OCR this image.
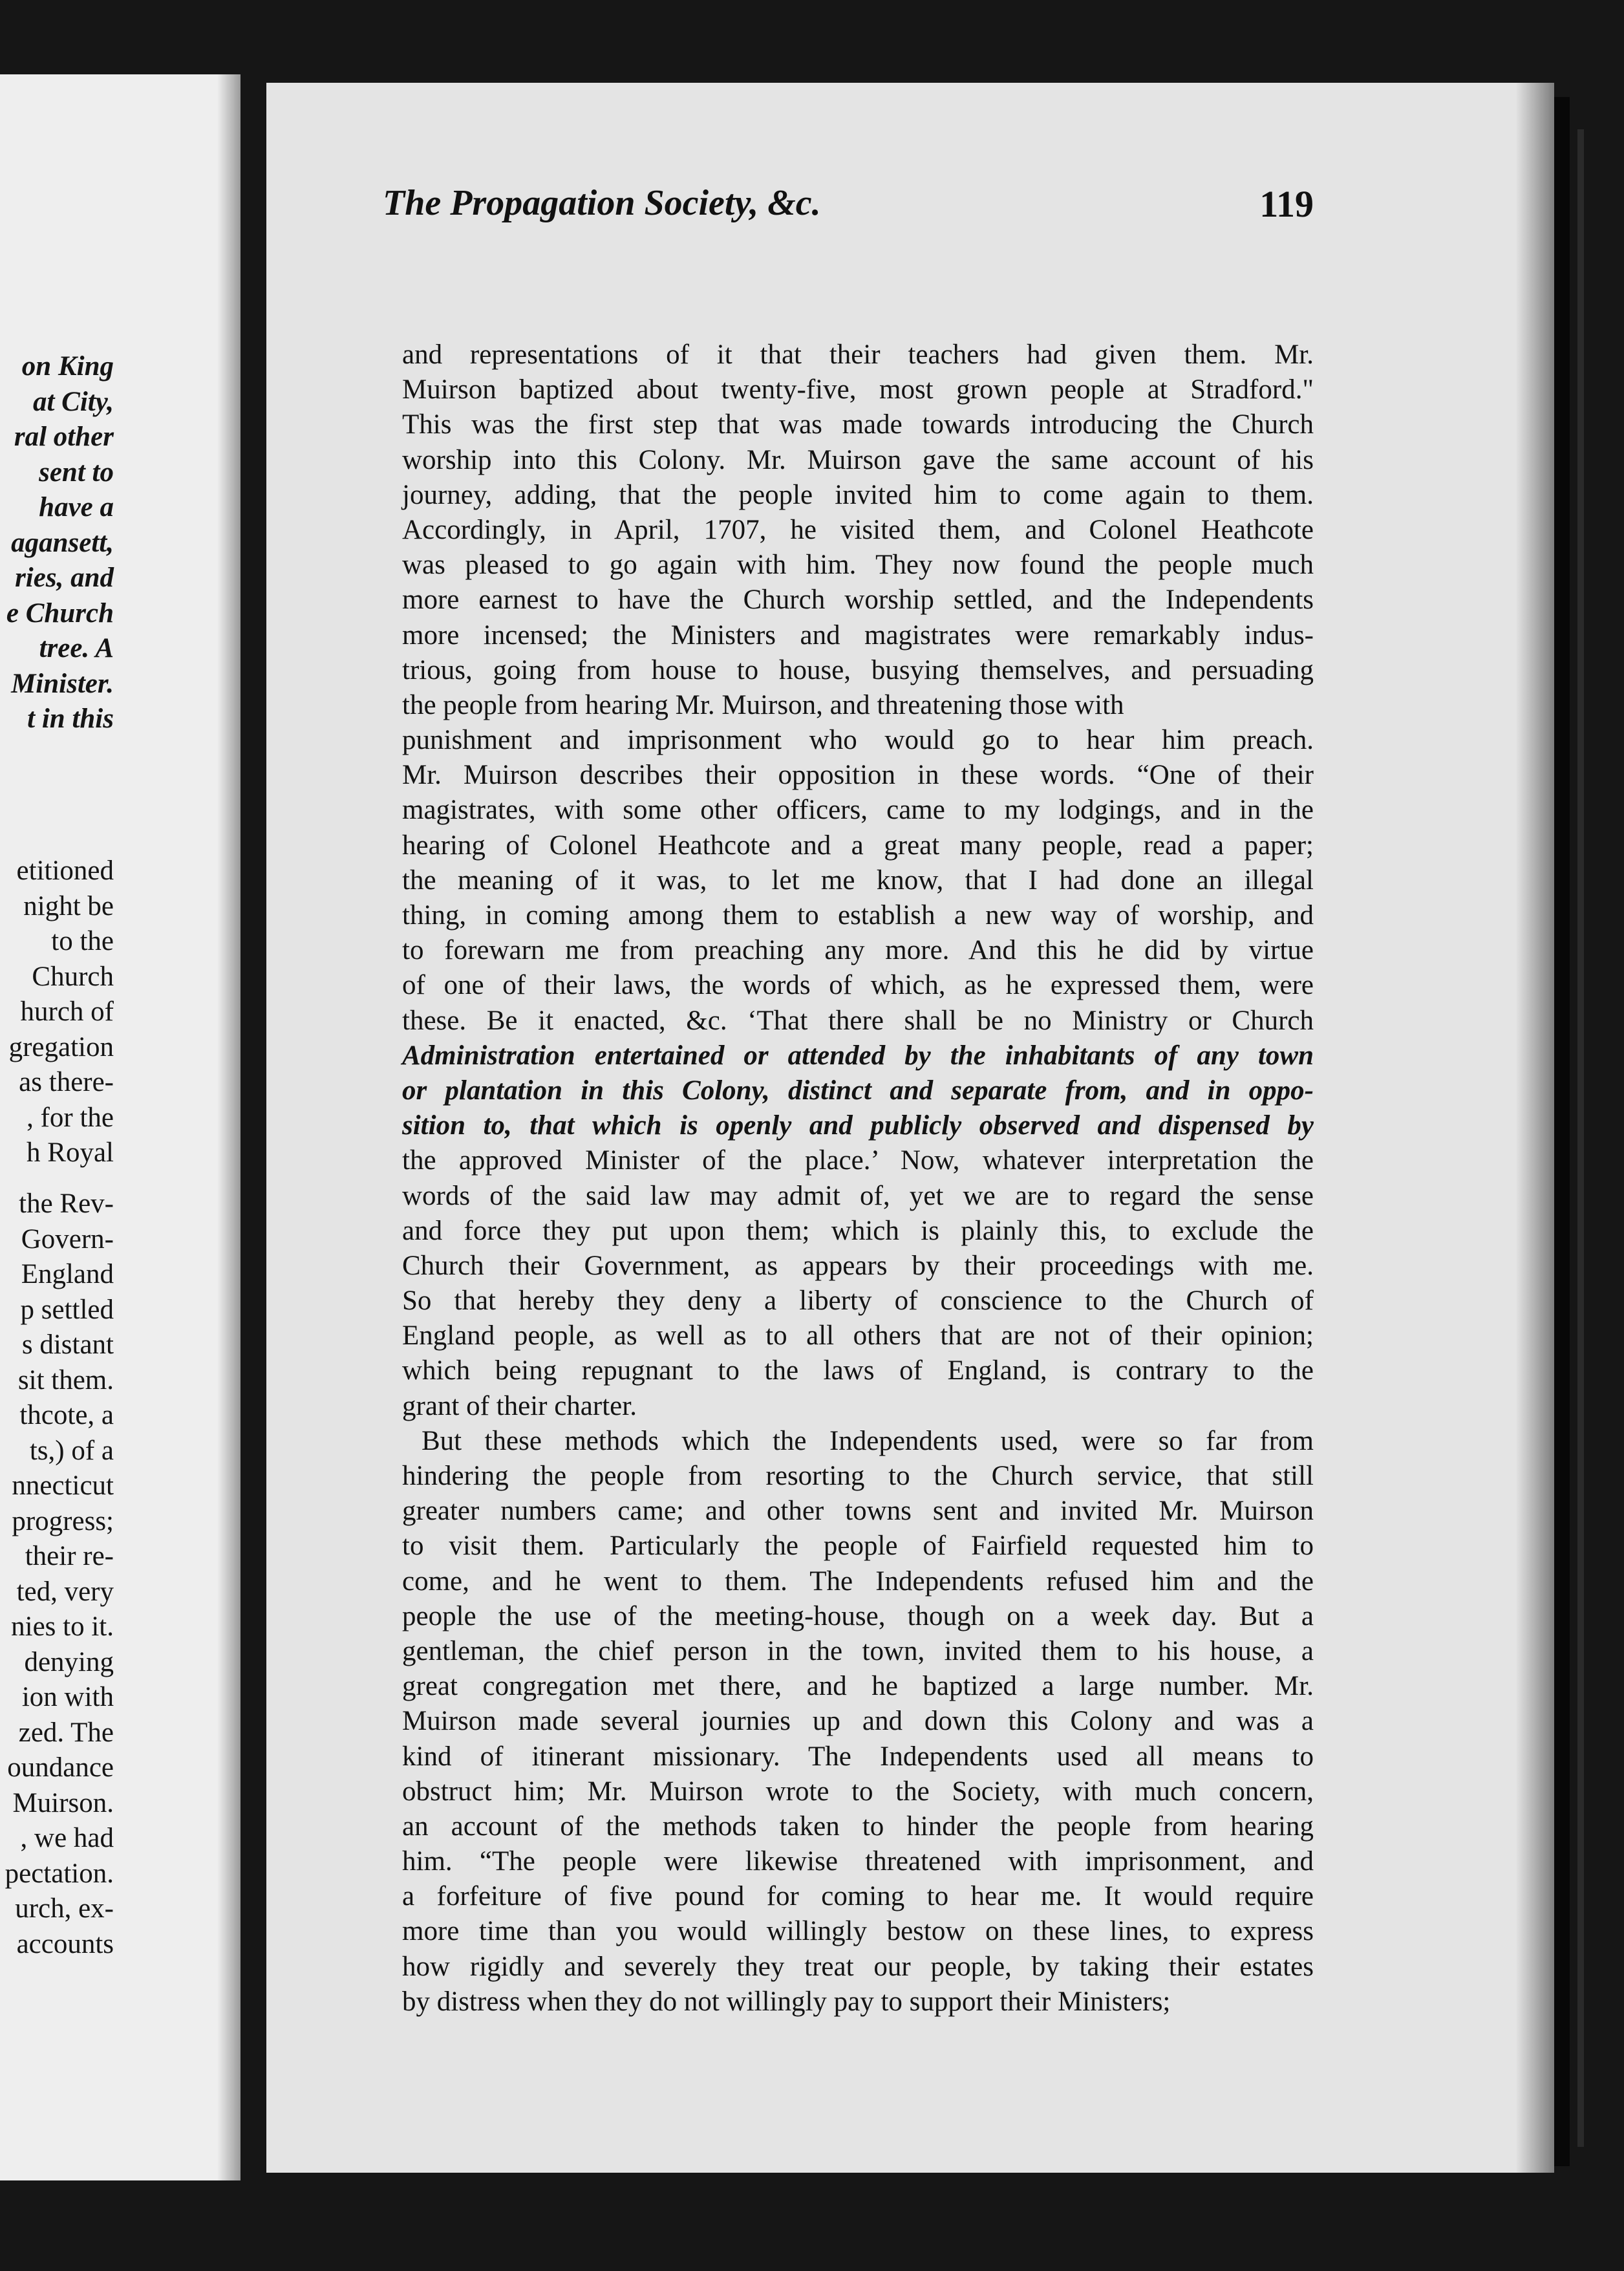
on King
at City,
ral other
sent to
have a
agansett,
ries, and
e Church
tree. A
Minister.
t in this
etitioned
night be
to the
Church
hurch of
gregation
as there-
, for the
h Royal
the Rev-
Govern-
England
p settled
s distant
sit them.
thcote, a
ts,) of a
nnecticut
progress;
their re-
ted, very
nies to it.
denying
ion with
zed. The
oundance
Muirson.
, we had
pectation.
urch, ex-
accounts
The Propagation Society, &c.	119
and representations of it that their teachers had given them. Mr.
Muirson baptized about twenty-five, most grown people at Stradford."
This was the first step that was made towards introducing the Church
worship into this Colony. Mr. Muirson gave the same account of his
journey, adding, that the people invited him to come again to them.
Accordingly, in April, 1707, he visited them, and Colonel Heathcote
was pleased to go again with him. They now found the people much
more earnest to have the Church worship settled, and the Independents
more incensed; the Ministers and magistrates were remarkably indus-
trious, going from house to house, busying themselves, and persuading
the people from hearing Mr. Muirson, and threatening those with
punishment and imprisonment who would go to hear him preach.
Mr. Muirson describes their opposition in these words. “One of their
magistrates, with some other officers, came to my lodgings, and in the
hearing of Colonel Heathcote and a great many people, read a paper;
the meaning of it was, to let me know, that I had done an illegal
thing, in coming among them to establish a new way of worship, and
to forewarn me from preaching any more. And this he did by virtue
of one of their laws, the words of which, as he expressed them, were
these. Be it enacted, &c. ‘That there shall be no Ministry or Church
Administration entertained or attended by the inhabitants of any town
or plantation in this Colony, distinct and separate from, and in oppo-
sition to, that which is openly and publicly observed and dispensed by
the approved Minister of the place.’ Now, whatever interpretation the
words of the said law may admit of, yet we are to regard the sense
and force they put upon them; which is plainly this, to exclude the
Church their Government, as appears by their proceedings with me.
So that hereby they deny a liberty of conscience to the Church of
England people, as well as to all others that are not of their opinion;
which being repugnant to the laws of England, is contrary to the
grant of their charter.
But these methods which the Independents used, were so far from
hindering the people from resorting to the Church service, that still
greater numbers came; and other towns sent and invited Mr. Muirson
to visit them. Particularly the people of Fairfield requested him to
come, and he went to them. The Independents refused him and the
people the use of the meeting-house, though on a week day. But a
gentleman, the chief person in the town, invited them to his house, a
great congregation met there, and he baptized a large number. Mr.
Muirson made several journies up and down this Colony and was a
kind of itinerant missionary. The Independents used all means to
obstruct him; Mr. Muirson wrote to the Society, with much concern,
an account of the methods taken to hinder the people from hearing
him. “The people were likewise threatened with imprisonment, and
a forfeiture of five pound for coming to hear me. It would require
more time than you would willingly bestow on these lines, to express
how rigidly and severely they treat our people, by taking their estates
by distress when they do not willingly pay to support their Ministers;
